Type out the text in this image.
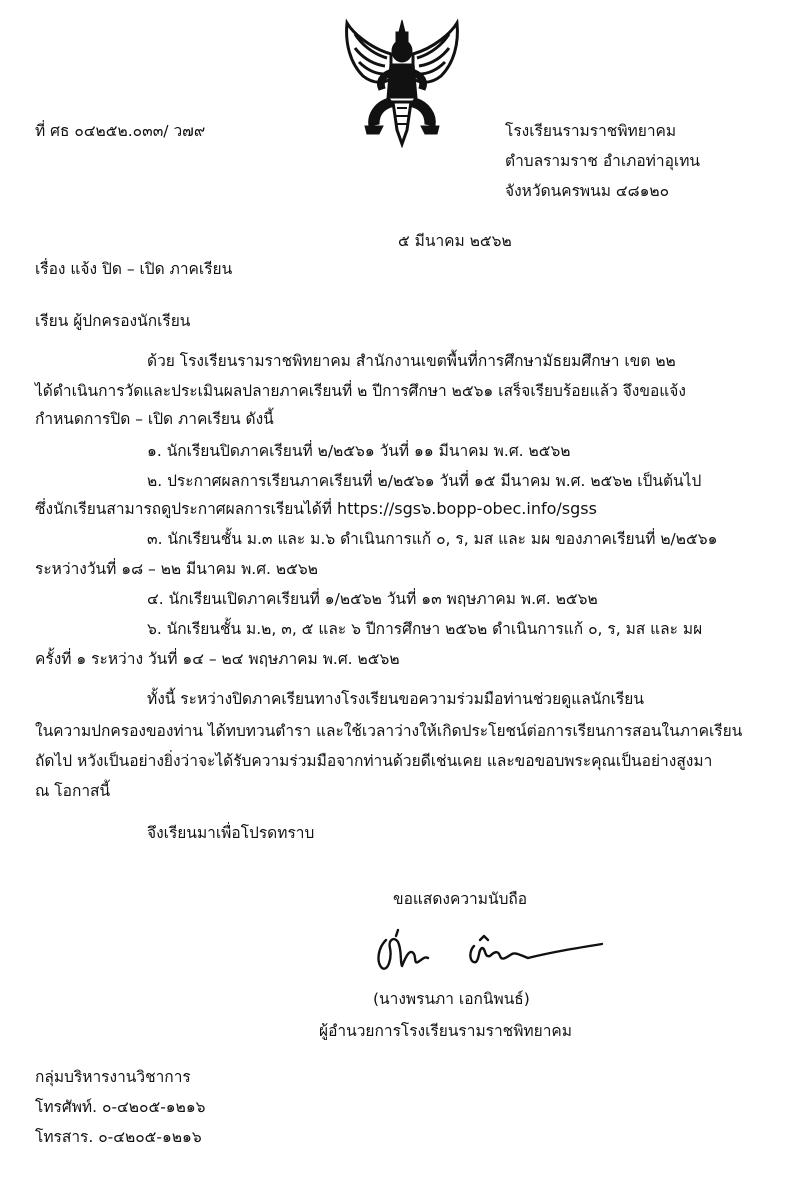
ที่ ศธ ๐๔๒๕๒.๐๓๓/ ว๗๙	โรงเรียนรามราชพิทยาคม
ตำบลรามราช อำเภอท่าอุเทน
จังหวัดนครพนม ๔๘๑๒๐
๕ มีนาคม ๒๕๖๒
เรื่อง แจ้ง ปิด – เปิด ภาคเรียน
เรียน ผู้ปกครองนักเรียน
ด้วย โรงเรียนรามราชพิทยาคม สำนักงานเขตพื้นที่การศึกษามัธยมศึกษา เขต ๒๒
ได้ดำเนินการวัดและประเมินผลปลายภาคเรียนที่ ๒ ปีการศึกษา ๒๕๖๑ เสร็จเรียบร้อยแล้ว จึงขอแจ้ง
กำหนดการปิด – เปิด ภาคเรียน ดังนี้
๑. นักเรียนปิดภาคเรียนที่ ๒/๒๕๖๑ วันที่ ๑๑ มีนาคม พ.ศ. ๒๕๖๒
๒. ประกาศผลการเรียนภาคเรียนที่ ๒/๒๕๖๑ วันที่ ๑๕ มีนาคม พ.ศ. ๒๕๖๒ เป็นต้นไป
ซึ่งนักเรียนสามารถดูประกาศผลการเรียนได้ที่ https://sgs๖.bopp-obec.info/sgss
๓. นักเรียนชั้น ม.๓ และ ม.๖ ดำเนินการแก้ ๐, ร, มส และ มผ ของภาคเรียนที่ ๒/๒๕๖๑
ระหว่างวันที่ ๑๘ – ๒๒ มีนาคม พ.ศ. ๒๕๖๒
๔. นักเรียนเปิดภาคเรียนที่ ๑/๒๕๖๒ วันที่ ๑๓ พฤษภาคม พ.ศ. ๒๕๖๒
๖. นักเรียนชั้น ม.๒, ๓, ๕ และ ๖ ปีการศึกษา ๒๕๖๒ ดำเนินการแก้ ๐, ร, มส และ มผ
ครั้งที่ ๑ ระหว่าง วันที่ ๑๔ – ๒๔ พฤษภาคม พ.ศ. ๒๕๖๒
ทั้งนี้ ระหว่างปิดภาคเรียนทางโรงเรียนขอความร่วมมือท่านช่วยดูแลนักเรียน
ในความปกครองของท่าน ได้ทบทวนตำรา และใช้เวลาว่างให้เกิดประโยชน์ต่อการเรียนการสอนในภาคเรียน
ถัดไป หวังเป็นอย่างยิ่งว่าจะได้รับความร่วมมือจากท่านด้วยดีเช่นเคย และขอขอบพระคุณเป็นอย่างสูงมา
ณ โอกาสนี้
จึงเรียนมาเพื่อโปรดทราบ
ขอแสดงความนับถือ
(นางพรนภา เอกนิพนธ์)
ผู้อำนวยการโรงเรียนรามราชพิทยาคม
กลุ่มบริหารงานวิชาการ
โทรศัพท์. ๐-๔๒๐๕-๑๒๑๖
โทรสาร. ๐-๔๒๐๕-๑๒๑๖
